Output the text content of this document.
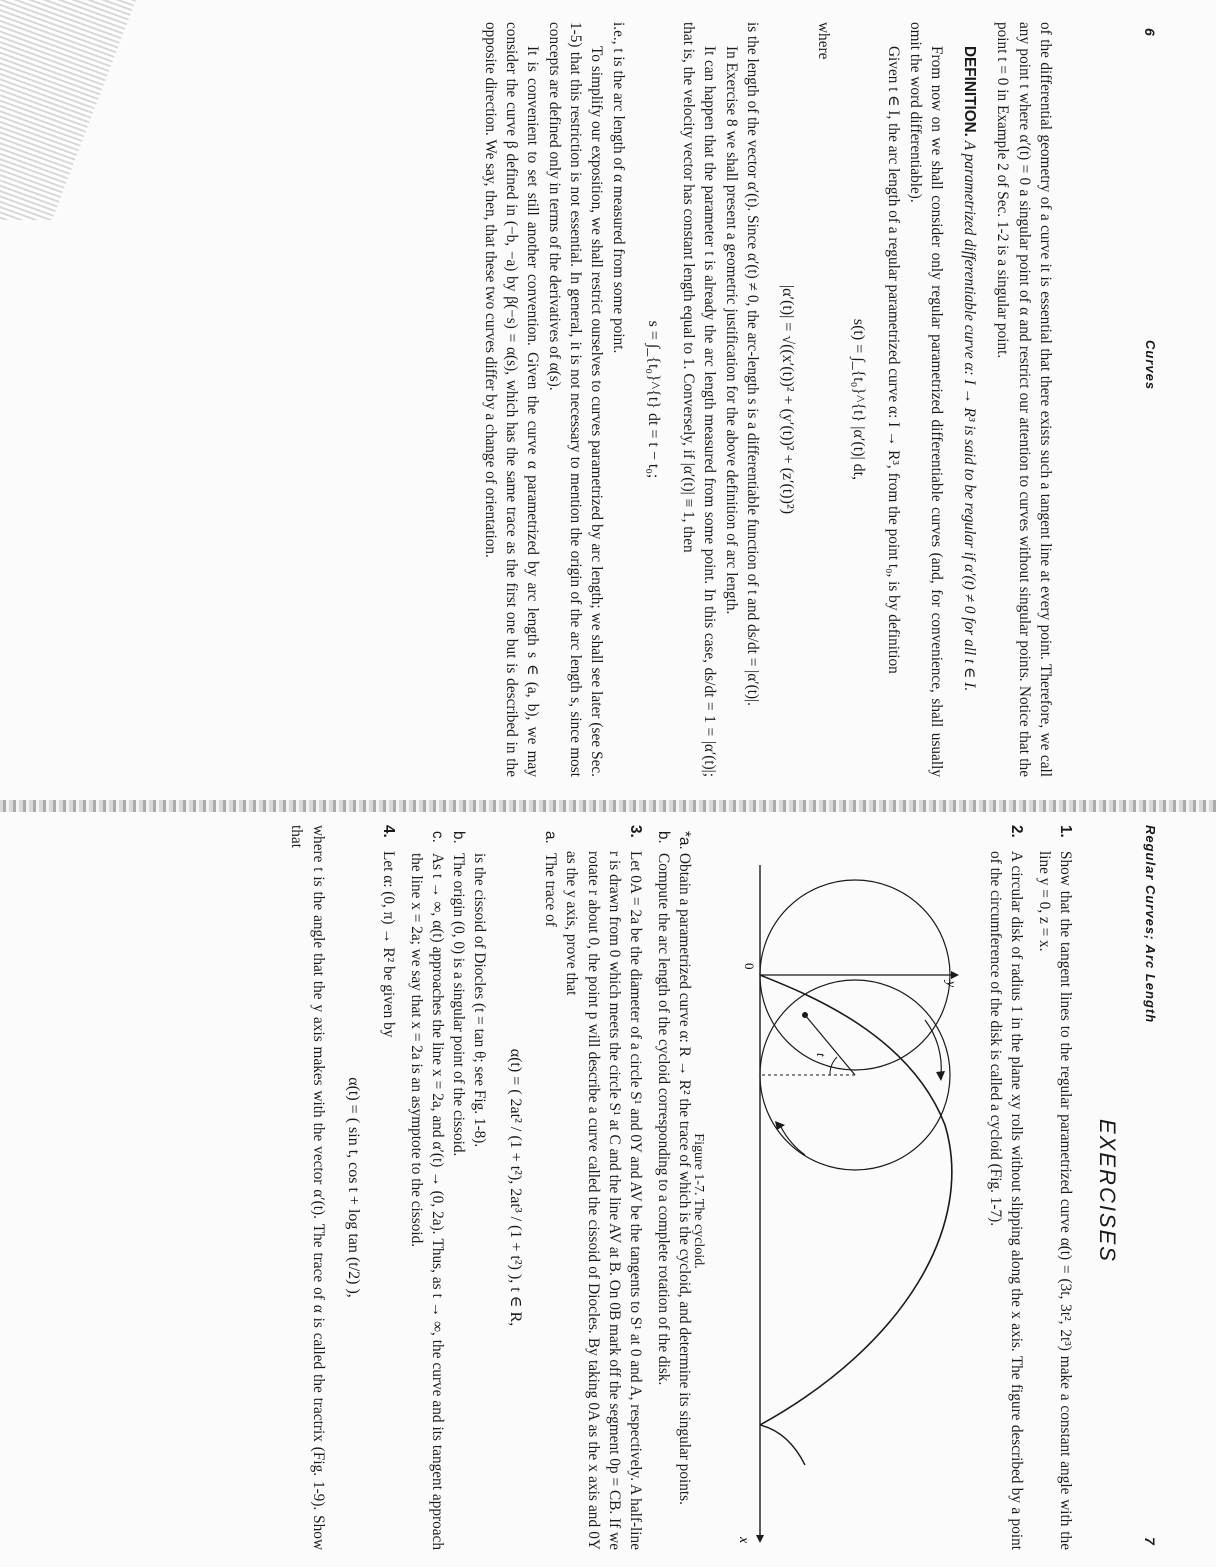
6
Curves

of the differential geometry of a curve it is essential that there exists such a tangent line at every point. Therefore, we call any point t where α′(t) = 0 a singular point of α and restrict our attention to curves without singular points. Notice that the point t = 0 in Example 2 of Sec. 1-2 is a singular point.

DEFINITION. A parametrized differentiable curve α: I → R³ is said to be regular if α′(t) ≠ 0 for all t ∈ I.

From now on we shall consider only regular parametrized differentiable curves (and, for convenience, shall usually omit the word differentiable).

Given t ∈ I, the arc length of a regular parametrized curve α: I → R³, from the point t₀, is by definition

s(t) = ∫_{t₀}^{t} |α′(t)| dt,

where

|α′(t)| = √((x′(t))² + (y′(t))² + (z′(t))²)

is the length of the vector α′(t). Since α′(t) ≠ 0, the arc-length s is a differentiable function of t and ds/dt = |α′(t)|.

In Exercise 8 we shall present a geometric justification for the above definition of arc length.

It can happen that the parameter t is already the arc length measured from some point. In this case, ds/dt = 1 = |α′(t)|; that is, the velocity vector has constant length equal to 1. Conversely, if |α′(t)| ≡ 1, then

s = ∫_{t₀}^{t} dt = t − t₀;

i.e., t is the arc length of α measured from some point.

To simplify our exposition, we shall restrict ourselves to curves parametrized by arc length; we shall see later (see Sec. 1-5) that this restriction is not essential. In general, it is not necessary to mention the origin of the arc length s, since most concepts are defined only in terms of the derivatives of α(s).

It is convenient to set still another convention. Given the curve α parametrized by arc length s ∈ (a, b), we may consider the curve β defined in (−b, −a) by β(−s) = α(s), which has the same trace as the first one but is described in the opposite direction. We say, then, that these two curves differ by a change of orientation.

Regular Curves; Arc Length
7
EXERCISES
1.
Show that the tangent lines to the regular parametrized curve α(t) = (3t, 3t², 2t³) make a constant angle with the line y = 0, z = x.
2.
A circular disk of radius 1 in the plane xy rolls without slipping along the x axis. The figure described by a point of the circumference of the disk is called a cycloid (Fig. 1-7).
y
x
0
t
Figure 1-7. The cycloid.
*a.
Obtain a parametrized curve α: R → R² the trace of which is the cycloid, and determine its singular points.
b.
Compute the arc length of the cycloid corresponding to a complete rotation of the disk.
3.
Let 0A = 2a be the diameter of a circle S¹ and 0Y and AV be the tangents to S¹ at 0 and A, respectively. A half-line r is drawn from 0 which meets the circle S¹ at C and the line AV at B. On 0B mark off the segment 0p = CB. If we rotate r about 0, the point p will describe a curve called the cissoid of Diocles. By taking 0A as the x axis and 0Y as the y axis, prove that
a.
The trace of

α(t) = ( 2at² / (1 + t²), 2at³ / (1 + t²) ), t ∈ R,

is the cissoid of Diocles (t = tan θ; see Fig. 1-8).
b.
The origin (0, 0) is a singular point of the cissoid.
c.
As t → ∞, α(t) approaches the line x = 2a, and α′(t) → (0, 2a). Thus, as t → ∞, the curve and its tangent approach the line x = 2a; we say that x = 2a is an asymptote to the cissoid.
4.
Let α: (0, π) → R² be given by

α(t) = ( sin t, cos t + log tan (t/2) ),

where t is the angle that the y axis makes with the vector α′(t). The trace of α is called the tractrix (Fig. 1-9). Show that
